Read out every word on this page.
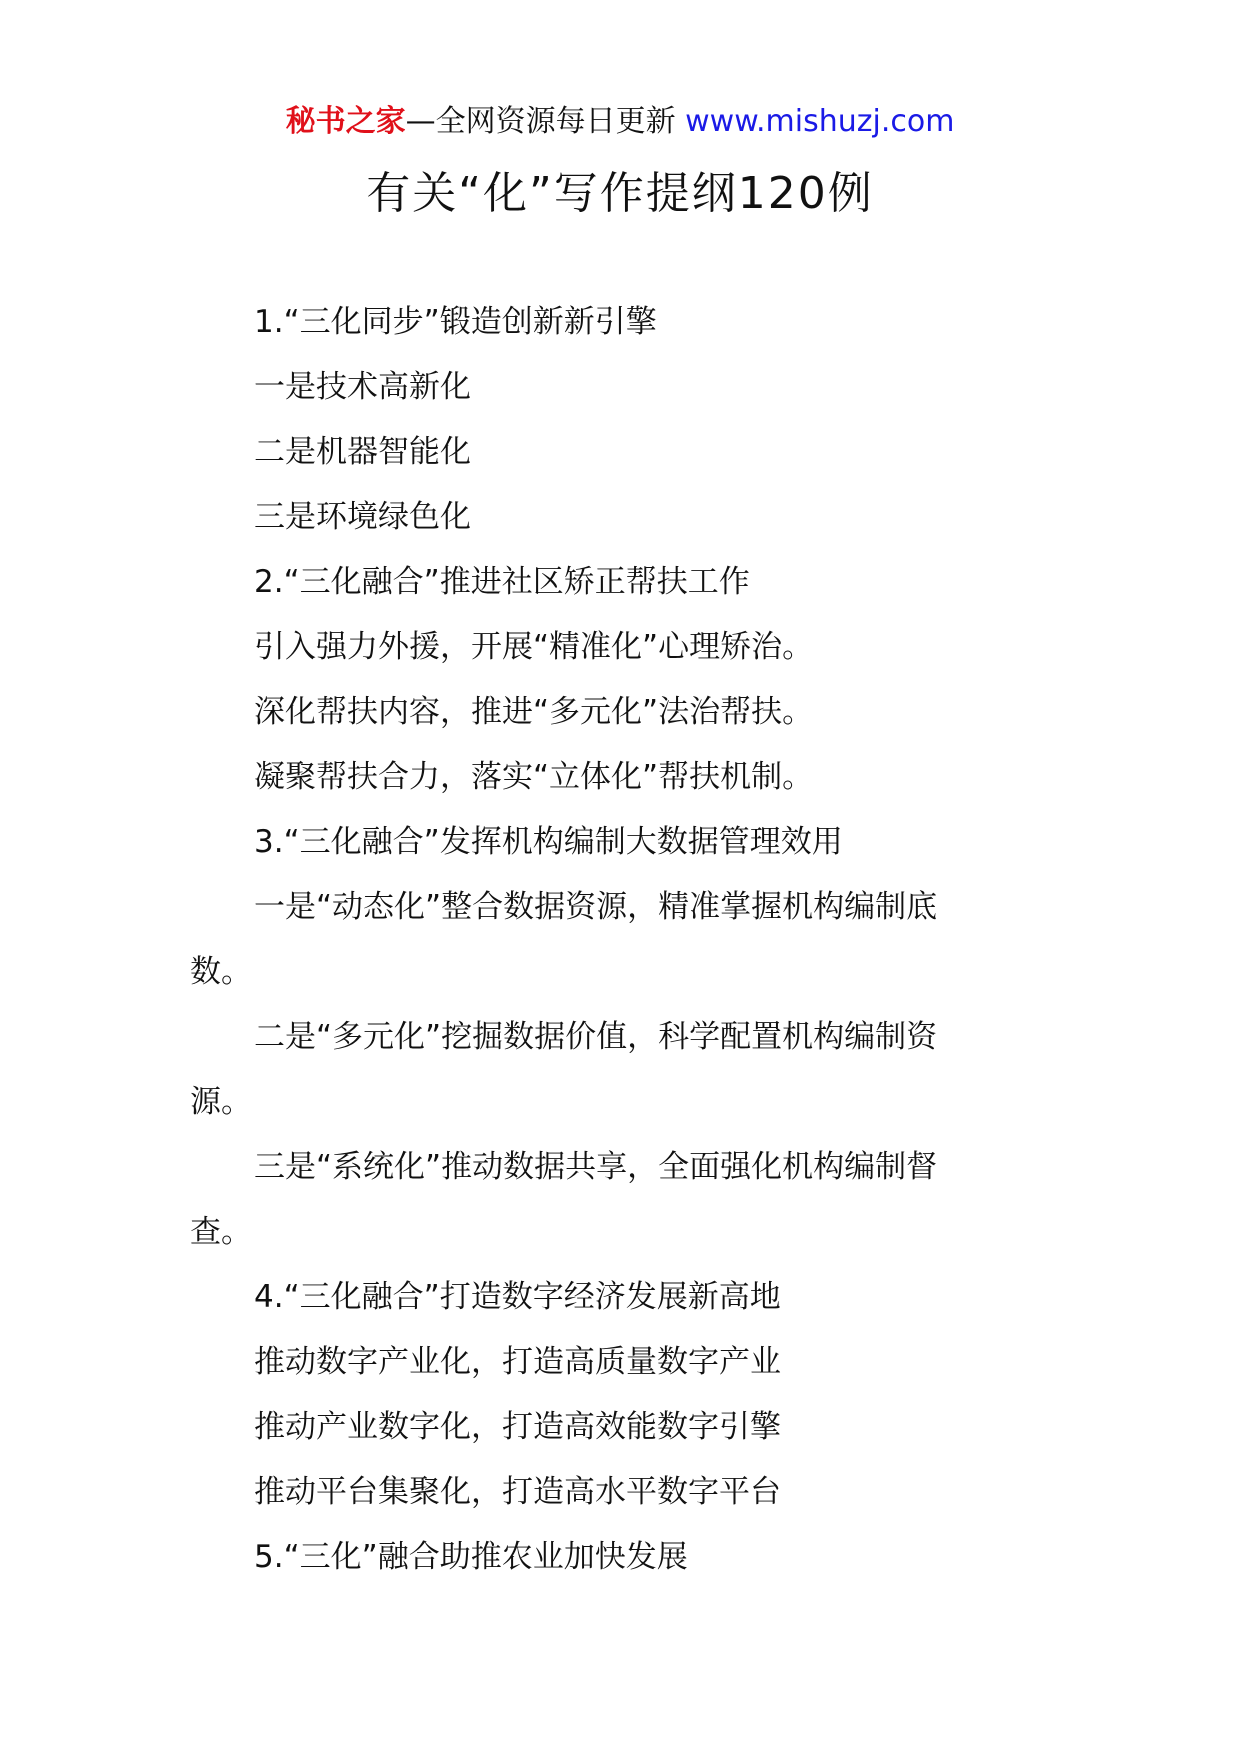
秘书之家—全网资源每日更新 www.mishuzj.com
有关“化”写作提纲120例
1.“三化同步”锻造创新新引擎
一是技术高新化
二是机器智能化
三是环境绿色化
2.“三化融合”推进社区矫正帮扶工作
引入强力外援，开展“精准化”心理矫治。
深化帮扶内容，推进“多元化”法治帮扶。
凝聚帮扶合力，落实“立体化”帮扶机制。
3.“三化融合”发挥机构编制大数据管理效用
一是“动态化”整合数据资源，精准掌握机构编制底
数。
二是“多元化”挖掘数据价值，科学配置机构编制资
源。
三是“系统化”推动数据共享，全面强化机构编制督
查。
4.“三化融合”打造数字经济发展新高地
推动数字产业化，打造高质量数字产业
推动产业数字化，打造高效能数字引擎
推动平台集聚化，打造高水平数字平台
5.“三化”融合助推农业加快发展
